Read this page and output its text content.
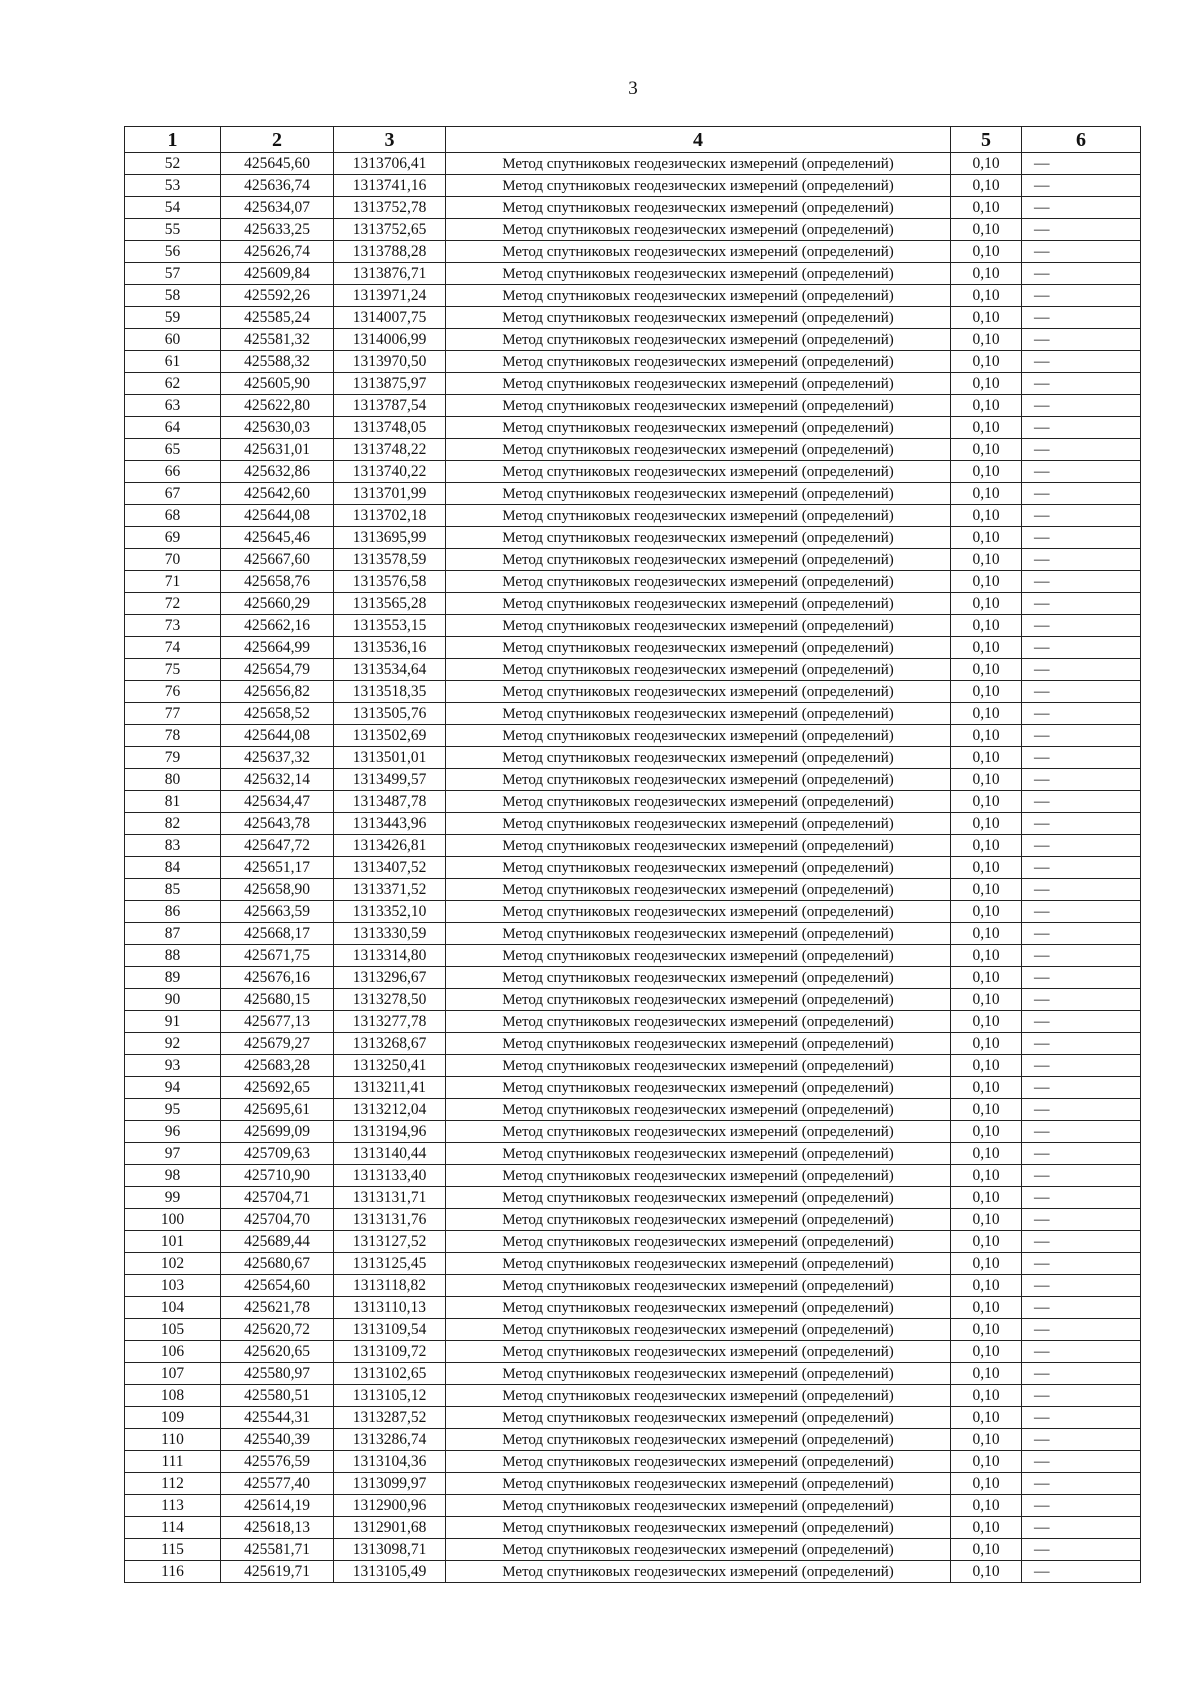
3
1	2	3	4	5	6
52	425645,60	1313706,41	Метод спутниковых геодезических измерений (определений)	0,10	—
53	425636,74	1313741,16	Метод спутниковых геодезических измерений (определений)	0,10	—
54	425634,07	1313752,78	Метод спутниковых геодезических измерений (определений)	0,10	—
55	425633,25	1313752,65	Метод спутниковых геодезических измерений (определений)	0,10	—
56	425626,74	1313788,28	Метод спутниковых геодезических измерений (определений)	0,10	—
57	425609,84	1313876,71	Метод спутниковых геодезических измерений (определений)	0,10	—
58	425592,26	1313971,24	Метод спутниковых геодезических измерений (определений)	0,10	—
59	425585,24	1314007,75	Метод спутниковых геодезических измерений (определений)	0,10	—
60	425581,32	1314006,99	Метод спутниковых геодезических измерений (определений)	0,10	—
61	425588,32	1313970,50	Метод спутниковых геодезических измерений (определений)	0,10	—
62	425605,90	1313875,97	Метод спутниковых геодезических измерений (определений)	0,10	—
63	425622,80	1313787,54	Метод спутниковых геодезических измерений (определений)	0,10	—
64	425630,03	1313748,05	Метод спутниковых геодезических измерений (определений)	0,10	—
65	425631,01	1313748,22	Метод спутниковых геодезических измерений (определений)	0,10	—
66	425632,86	1313740,22	Метод спутниковых геодезических измерений (определений)	0,10	—
67	425642,60	1313701,99	Метод спутниковых геодезических измерений (определений)	0,10	—
68	425644,08	1313702,18	Метод спутниковых геодезических измерений (определений)	0,10	—
69	425645,46	1313695,99	Метод спутниковых геодезических измерений (определений)	0,10	—
70	425667,60	1313578,59	Метод спутниковых геодезических измерений (определений)	0,10	—
71	425658,76	1313576,58	Метод спутниковых геодезических измерений (определений)	0,10	—
72	425660,29	1313565,28	Метод спутниковых геодезических измерений (определений)	0,10	—
73	425662,16	1313553,15	Метод спутниковых геодезических измерений (определений)	0,10	—
74	425664,99	1313536,16	Метод спутниковых геодезических измерений (определений)	0,10	—
75	425654,79	1313534,64	Метод спутниковых геодезических измерений (определений)	0,10	—
76	425656,82	1313518,35	Метод спутниковых геодезических измерений (определений)	0,10	—
77	425658,52	1313505,76	Метод спутниковых геодезических измерений (определений)	0,10	—
78	425644,08	1313502,69	Метод спутниковых геодезических измерений (определений)	0,10	—
79	425637,32	1313501,01	Метод спутниковых геодезических измерений (определений)	0,10	—
80	425632,14	1313499,57	Метод спутниковых геодезических измерений (определений)	0,10	—
81	425634,47	1313487,78	Метод спутниковых геодезических измерений (определений)	0,10	—
82	425643,78	1313443,96	Метод спутниковых геодезических измерений (определений)	0,10	—
83	425647,72	1313426,81	Метод спутниковых геодезических измерений (определений)	0,10	—
84	425651,17	1313407,52	Метод спутниковых геодезических измерений (определений)	0,10	—
85	425658,90	1313371,52	Метод спутниковых геодезических измерений (определений)	0,10	—
86	425663,59	1313352,10	Метод спутниковых геодезических измерений (определений)	0,10	—
87	425668,17	1313330,59	Метод спутниковых геодезических измерений (определений)	0,10	—
88	425671,75	1313314,80	Метод спутниковых геодезических измерений (определений)	0,10	—
89	425676,16	1313296,67	Метод спутниковых геодезических измерений (определений)	0,10	—
90	425680,15	1313278,50	Метод спутниковых геодезических измерений (определений)	0,10	—
91	425677,13	1313277,78	Метод спутниковых геодезических измерений (определений)	0,10	—
92	425679,27	1313268,67	Метод спутниковых геодезических измерений (определений)	0,10	—
93	425683,28	1313250,41	Метод спутниковых геодезических измерений (определений)	0,10	—
94	425692,65	1313211,41	Метод спутниковых геодезических измерений (определений)	0,10	—
95	425695,61	1313212,04	Метод спутниковых геодезических измерений (определений)	0,10	—
96	425699,09	1313194,96	Метод спутниковых геодезических измерений (определений)	0,10	—
97	425709,63	1313140,44	Метод спутниковых геодезических измерений (определений)	0,10	—
98	425710,90	1313133,40	Метод спутниковых геодезических измерений (определений)	0,10	—
99	425704,71	1313131,71	Метод спутниковых геодезических измерений (определений)	0,10	—
100	425704,70	1313131,76	Метод спутниковых геодезических измерений (определений)	0,10	—
101	425689,44	1313127,52	Метод спутниковых геодезических измерений (определений)	0,10	—
102	425680,67	1313125,45	Метод спутниковых геодезических измерений (определений)	0,10	—
103	425654,60	1313118,82	Метод спутниковых геодезических измерений (определений)	0,10	—
104	425621,78	1313110,13	Метод спутниковых геодезических измерений (определений)	0,10	—
105	425620,72	1313109,54	Метод спутниковых геодезических измерений (определений)	0,10	—
106	425620,65	1313109,72	Метод спутниковых геодезических измерений (определений)	0,10	—
107	425580,97	1313102,65	Метод спутниковых геодезических измерений (определений)	0,10	—
108	425580,51	1313105,12	Метод спутниковых геодезических измерений (определений)	0,10	—
109	425544,31	1313287,52	Метод спутниковых геодезических измерений (определений)	0,10	—
110	425540,39	1313286,74	Метод спутниковых геодезических измерений (определений)	0,10	—
111	425576,59	1313104,36	Метод спутниковых геодезических измерений (определений)	0,10	—
112	425577,40	1313099,97	Метод спутниковых геодезических измерений (определений)	0,10	—
113	425614,19	1312900,96	Метод спутниковых геодезических измерений (определений)	0,10	—
114	425618,13	1312901,68	Метод спутниковых геодезических измерений (определений)	0,10	—
115	425581,71	1313098,71	Метод спутниковых геодезических измерений (определений)	0,10	—
116	425619,71	1313105,49	Метод спутниковых геодезических измерений (определений)	0,10	—
